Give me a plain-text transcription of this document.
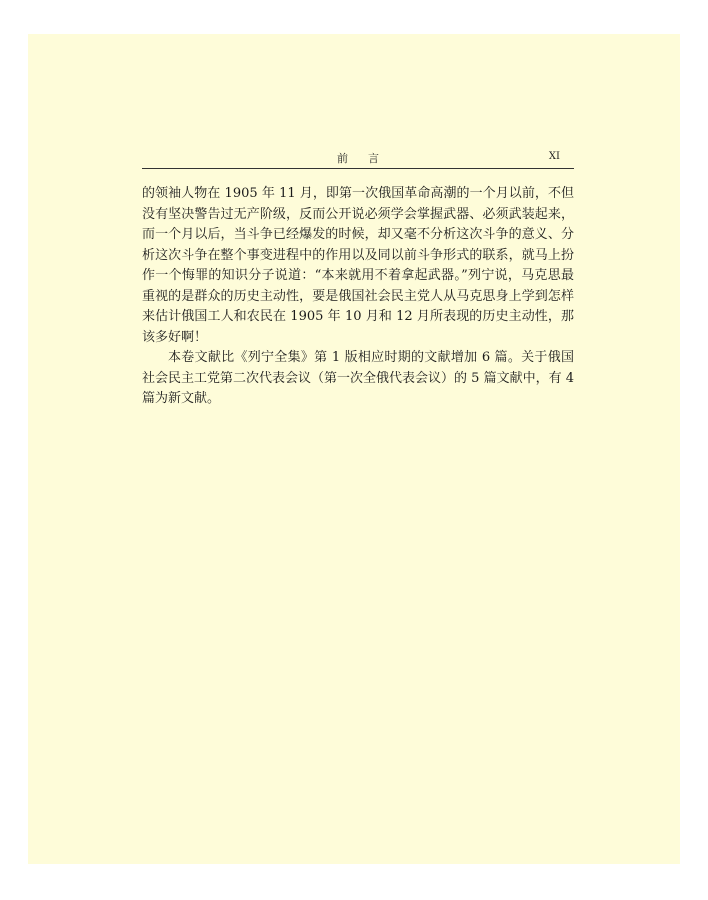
前言	XI

的领袖人物在 1905 年 11 月，即第一次俄国革命高潮的一个月以前，不但没有坚决警告过无产阶级，反而公开说必须学会掌握武器、必须武装起来，而一个月以后，当斗争已经爆发的时候，却又毫不分析这次斗争的意义、分析这次斗争在整个事变进程中的作用以及同以前斗争形式的联系，就马上扮作一个悔罪的知识分子说道：“本来就用不着拿起武器。”列宁说，马克思最重视的是群众的历史主动性，要是俄国社会民主党人从马克思身上学到怎样来估计俄国工人和农民在 1905 年 10 月和 12 月所表现的历史主动性，那该多好啊！

本卷文献比《列宁全集》第 1 版相应时期的文献增加 6 篇。关于俄国社会民主工党第二次代表会议（第一次全俄代表会议）的 5 篇文献中，有 4 篇为新文献。
